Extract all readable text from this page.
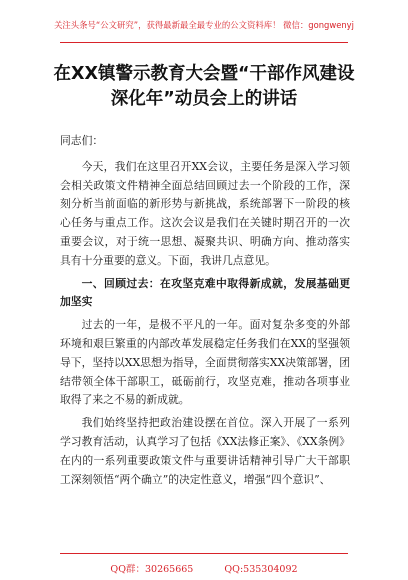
关注头条号“公文研究”，获得最新最全最专业的公文资料库！ 微信：gongwenyj
在XX镇警示教育大会暨“干部作风建设
深化年”动员会上的讲话

同志们：

今天，我们在这里召开XX会议，主要任务是深入学习领会相关政策文件精神全面总结回顾过去一个阶段的工作，深刻分析当前面临的新形势与新挑战，系统部署下一阶段的核心任务与重点工作。这次会议是我们在关键时期召开的一次重要会议，对于统一思想、凝聚共识、明确方向、推动落实具有十分重要的意义。下面，我讲几点意见。

一、回顾过去：在攻坚克难中取得新成就，发展基础更加坚实

过去的一年，是极不平凡的一年。面对复杂多变的外部环境和艰巨繁重的内部改革发展稳定任务我们在XX的坚强领导下，坚持以XX思想为指导，全面贯彻落实XX决策部署，团结带领全体干部职工，砥砺前行，攻坚克难，推动各项事业取得了来之不易的新成就。

我们始终坚持把政治建设摆在首位。深入开展了一系列学习教育活动，认真学习了包括《XX法修正案》、《XX条例》在内的一系列重要政策文件与重要讲话精神引导广大干部职工深刻领悟“两个确立”的决定性意义，增强“四个意识”、

QQ群：30265665	QQ:535304092
